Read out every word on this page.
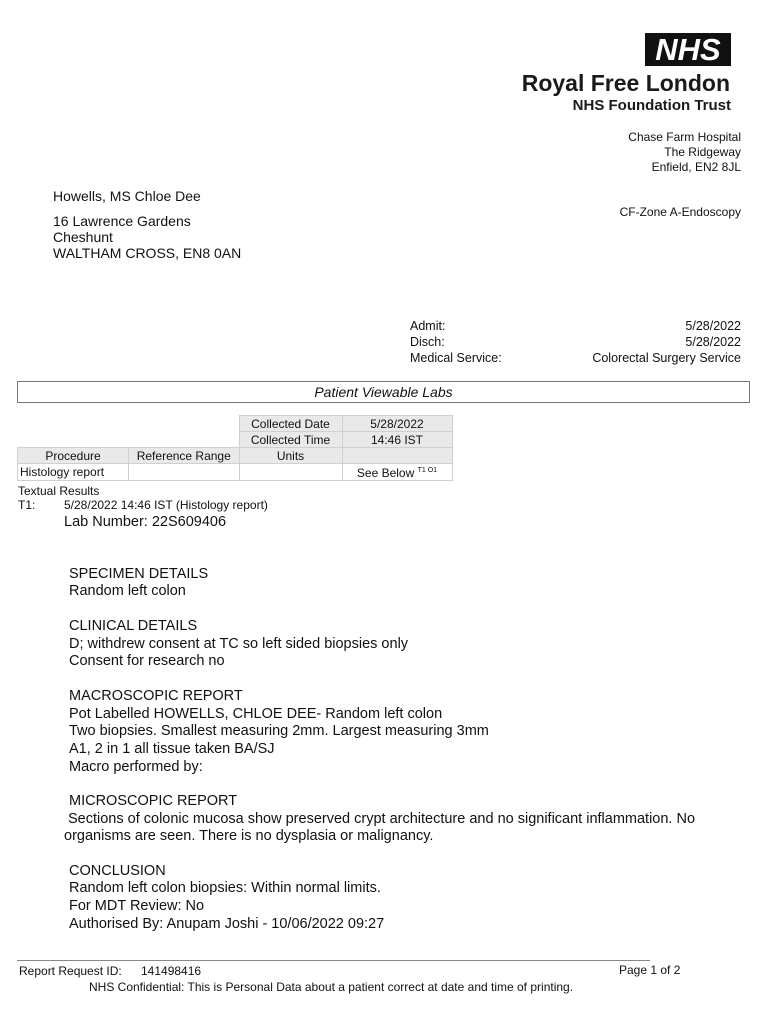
NHS
Royal Free London
NHS Foundation Trust
Chase Farm Hospital
The Ridgeway
Enfield, EN2 8JL
CF-Zone A-Endoscopy
Howells, MS Chloe Dee
16 Lawrence Gardens
Cheshunt
WALTHAM CROSS, EN8 0AN
Admit:	5/28/2022
Disch:	5/28/2022
Medical Service:	Colorectal Surgery Service
Patient Viewable Labs
		Collected Date	5/28/2022
		Collected Time	14:46 IST
Procedure	Reference Range	Units	
Histology report			See Below $^{T1 O1}$
Textual Results
T1: 5/28/2022 14:46 IST (Histology report)
Lab Number: 22S609406
SPECIMEN DETAILS
Random left colon
CLINICAL DETAILS
D; withdrew consent at TC so left sided biopsies only
Consent for research no
MACROSCOPIC REPORT
Pot Labelled HOWELLS, CHLOE DEE- Random left colon
Two biopsies. Smallest measuring 2mm. Largest measuring 3mm
A1, 2 in 1 all tissue taken BA/SJ
Macro performed by:
MICROSCOPIC REPORT
Sections of colonic mucosa show preserved crypt architecture and no significant inflammation. No
organisms are seen. There is no dysplasia or malignancy.
CONCLUSION
Random left colon biopsies: Within normal limits.
For MDT Review: No
Authorised By: Anupam Joshi - 10/06/2022 09:27
Report Request ID: 141498416	Page 1 of 2
NHS Confidential: This is Personal Data about a patient correct at date and time of printing.
